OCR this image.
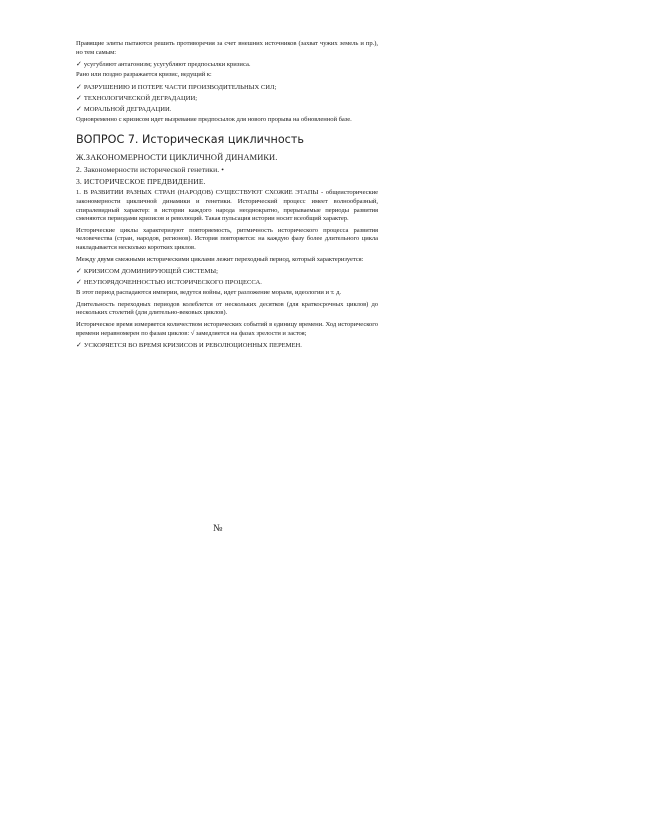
Правящие элиты пытаются решить противоречия за счет внешних источников (захват чужих земель и пр.), но тем самым:

✓ усугубляют антагонизм; усугубляют предпосылки кризиса.

Рано или поздно разражается кризис, ведущий к:

✓ РАЗРУШЕНИЮ И ПОТЕРЕ ЧАСТИ ПРОИЗВОДИТЕЛЬНЫХ СИЛ;
✓ ТЕХНОЛОГИЧЕСКОЙ ДЕГРАДАЦИИ;
✓ МОРАЛЬНОЙ ДЕГРАДАЦИИ.

Одновременно с кризисом идет вызревание предпосылок для нового прорыва на обновленной базе.

ВОПРОС 7. Историческая цикличность
Ж.ЗАКОНОМЕРНОСТИ ЦИКЛИЧНОЙ ДИНАМИКИ.
2. Закономерности исторической генетики. •
3. ИСТОРИЧЕСКОЕ ПРЕДВИДЕНИЕ.

1. В РАЗВИТИИ РАЗНЫХ СТРАН (НАРОДОВ) СУЩЕСТВУЮТ СХОЖИЕ ЭТАПЫ - общеисторические закономерности цикличной динамики и генетики. Исторический процесс имеет волнообразный, спиралевидный характер: в истории каждого народа неоднократно, прерываемые периоды развития сменяются периодами кризисов и революций. Такая пульсация истории носит всеобщий характер.

Исторические циклы характеризуют повторяемость, ритмичность исторического процесса развития человечества (стран, народов, регионов). История повторяется: на каждую фазу более длительного цикла накладывается несколько коротких циклов.

Между двумя смежными историческими циклами лежит переходный период, который характеризуется:

✓ КРИЗИСОМ ДОМИНИРУЮЩЕЙ СИСТЕМЫ;
✓ НЕУПОРЯДОЧЕННОСТЬЮ ИСТОРИЧЕСКОГО ПРОЦЕССА.

В этот период распадаются империи, ведутся войны, идет разложение морали, идеологии и т. д.

Длительность переходных периодов колеблется от нескольких десятков (для краткосрочных циклов) до нескольких столетий (для длительно-вековых циклов).

Историческое время измеряется количеством исторических событий в единицу времени. Ход исторического времени неравномерен по фазам циклов: √ замедляется на фазах зрелости и застоя;

✓ УСКОРЯЕТСЯ ВО ВРЕМЯ КРИЗИСОВ И РЕВОЛЮЦИОННЫХ ПЕРЕМЕН.
№
